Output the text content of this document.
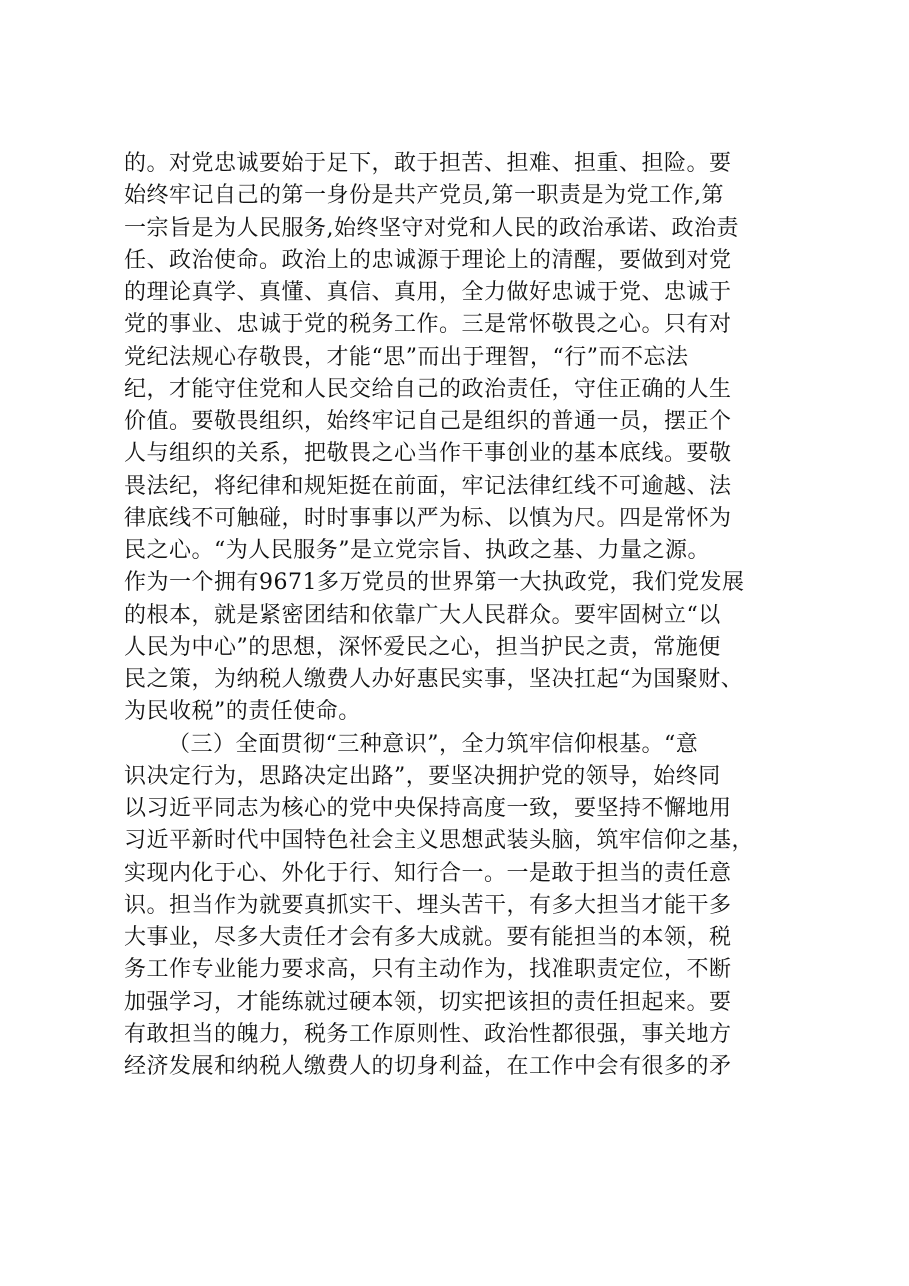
的。对党忠诚要始于足下，敢于担苦、担难、担重、担险。要
始终牢记自己的第一身份是共产党员,第一职责是为党工作,第
一宗旨是为人民服务,始终坚守对党和人民的政治承诺、政治责
任、政治使命。政治上的忠诚源于理论上的清醒，要做到对党
的理论真学、真懂、真信、真用，全力做好忠诚于党、忠诚于
党的事业、忠诚于党的税务工作。三是常怀敬畏之心。只有对
党纪法规心存敬畏，才能“思”而出于理智，“行”而不忘法
纪，才能守住党和人民交给自己的政治责任，守住正确的人生
价值。要敬畏组织，始终牢记自己是组织的普通一员，摆正个
人与组织的关系，把敬畏之心当作干事创业的基本底线。要敬
畏法纪，将纪律和规矩挺在前面，牢记法律红线不可逾越、法
律底线不可触碰，时时事事以严为标、以慎为尺。四是常怀为
民之心。“为人民服务”是立党宗旨、执政之基、力量之源。
作为一个拥有9671多万党员的世界第一大执政党，我们党发展
的根本，就是紧密团结和依靠广大人民群众。要牢固树立“以
人民为中心”的思想，深怀爱民之心，担当护民之责，常施便
民之策，为纳税人缴费人办好惠民实事，坚决扛起“为国聚财、
为民收税”的责任使命。
（三）全面贯彻“三种意识”，全力筑牢信仰根基。“意
识决定行为，思路决定出路”，要坚决拥护党的领导，始终同
以习近平同志为核心的党中央保持高度一致，要坚持不懈地用
习近平新时代中国特色社会主义思想武装头脑，筑牢信仰之基，
实现内化于心、外化于行、知行合一。一是敢于担当的责任意
识。担当作为就要真抓实干、埋头苦干，有多大担当才能干多
大事业，尽多大责任才会有多大成就。要有能担当的本领，税
务工作专业能力要求高，只有主动作为，找准职责定位，不断
加强学习，才能练就过硬本领，切实把该担的责任担起来。要
有敢担当的魄力，税务工作原则性、政治性都很强，事关地方
经济发展和纳税人缴费人的切身利益，在工作中会有很多的矛
